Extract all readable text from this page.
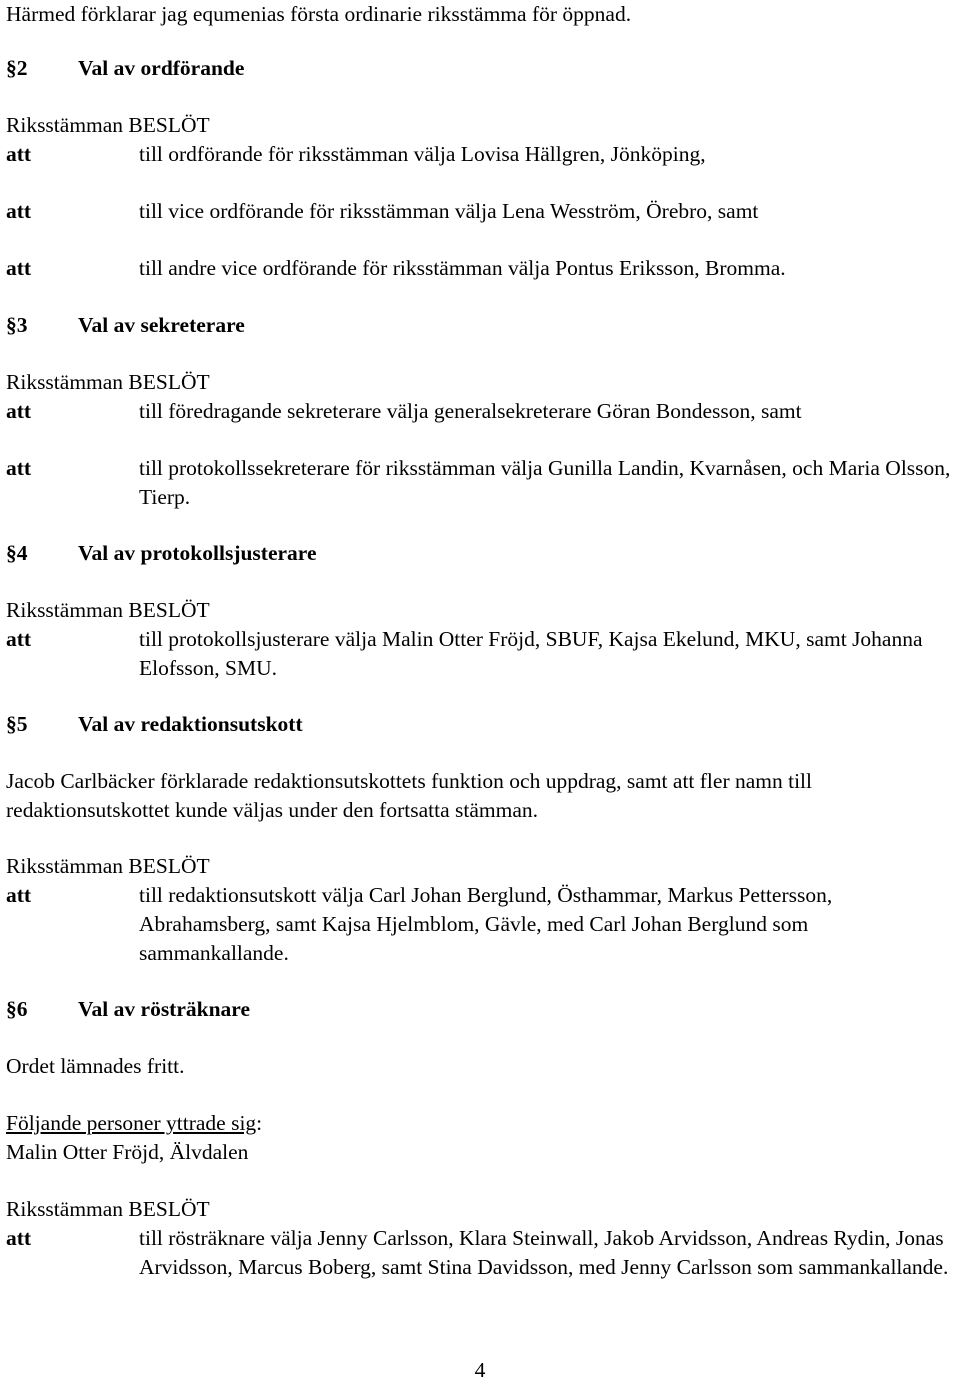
Härmed förklarar jag equmenias första ordinarie riksstämma för öppnad.
§2 Val av ordförande
Riksstämman BESLÖT
att	till ordförande för riksstämman välja Lovisa Hällgren, Jönköping,
att	till vice ordförande för riksstämman välja Lena Wesström, Örebro, samt
att	till andre vice ordförande för riksstämman välja Pontus Eriksson, Bromma.
§3 Val av sekreterare
Riksstämman BESLÖT
att	till föredragande sekreterare välja generalsekreterare Göran Bondesson, samt
att	till protokollssekreterare för riksstämman välja Gunilla Landin, Kvarnåsen, och Maria Olsson, Tierp.
§4 Val av protokollsjusterare
Riksstämman BESLÖT
att	till protokollsjusterare välja Malin Otter Fröjd, SBUF, Kajsa Ekelund, MKU, samt Johanna Elofsson, SMU.
§5 Val av redaktionsutskott
Jacob Carlbäcker förklarade redaktionsutskottets funktion och uppdrag, samt att fler namn till redaktionsutskottet kunde väljas under den fortsatta stämman.
Riksstämman BESLÖT
att	till redaktionsutskott välja Carl Johan Berglund, Östhammar, Markus Pettersson, Abrahamsberg, samt Kajsa Hjelmblom, Gävle, med Carl Johan Berglund som sammankallande.
§6 Val av rösträknare
Ordet lämnades fritt.
Följande personer yttrade sig:
Malin Otter Fröjd, Älvdalen
Riksstämman BESLÖT
att	till rösträknare välja Jenny Carlsson, Klara Steinwall, Jakob Arvidsson, Andreas Rydin, Jonas Arvidsson, Marcus Boberg, samt Stina Davidsson, med Jenny Carlsson som sammankallande.
4
